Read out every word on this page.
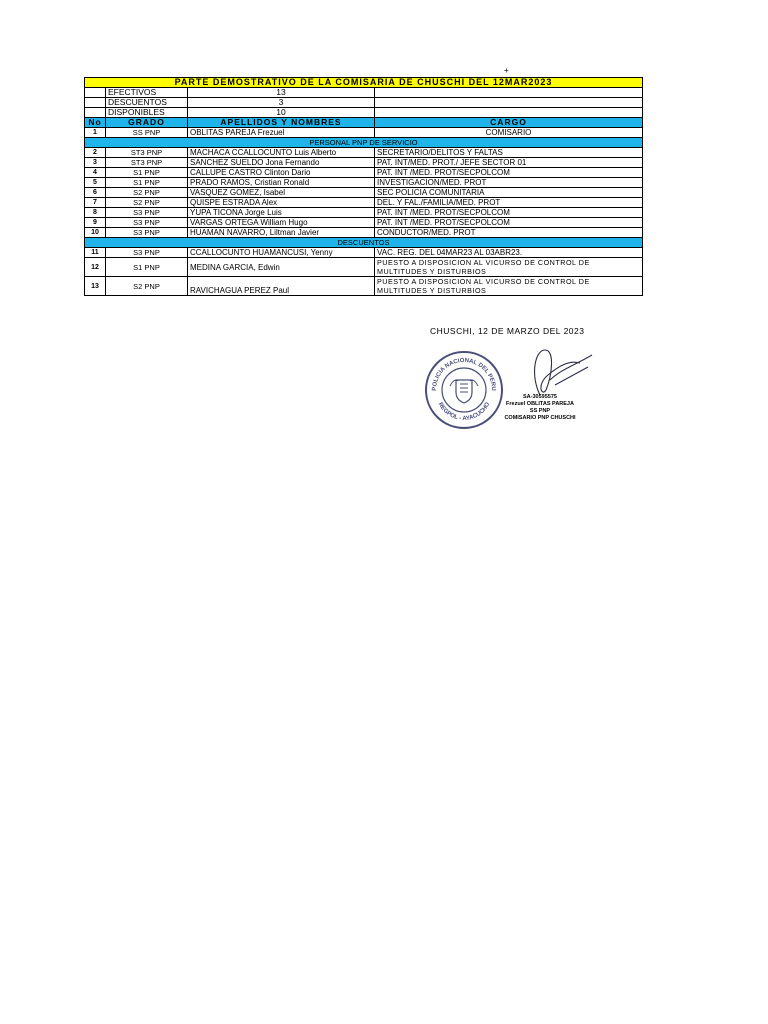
+
PARTE DEMOSTRATIVO DE LA COMISARIA DE CHUSCHI DEL 12MAR2023			
	EFECTIVOS	13	
	DESCUENTOS	3	
	DISPONIBLES	10	
No	GRADO	APELLIDOS Y NOMBRES	CARGO
1	SS PNP	OBLITAS PAREJA Frezuel	COMISARIO
PERSONAL PNP DE SERVICIO			
2	ST3 PNP	MACHACA CCALLOCUNTO Luis Alberto	SECRETARIO/DELITOS Y FALTAS
3	ST3 PNP	SANCHEZ SUELDO Jona Fernando	PAT. INT/MED. PROT./ JEFE SECTOR 01
4	S1 PNP	CALLUPE CASTRO Clinton Dario	PAT. INT /MED. PROT/SECPOLCOM
5	S1 PNP	PRADO RAMOS, Cristian Ronald	INVESTIGACION/MED. PROT
6	S2 PNP	VASQUEZ GOMEZ, Isabel	SEC POLICIA COMUNITARIA
7	S2 PNP	QUISPE ESTRADA Alex	DEL. Y FAL./FAMILIA/MED. PROT
8	S3 PNP	YUPA TICONA Jorge Luis	PAT. INT /MED. PROT/SECPOLCOM
9	S3 PNP	VARGAS ORTEGA William Hugo	PAT. INT /MED. PROT/SECPOLCOM
10	S3 PNP	HUAMAN NAVARRO, Liltman Javier	CONDUCTOR/MED. PROT
DESCUENTOS			
11	S3 PNP	CCALLOCUNTO HUAMANCUSI, Yenny	VAC. REG. DEL 04MAR23 AL 03ABR23.
12	S1 PNP	MEDINA GARCIA, Edwin	PUESTO A DISPOSICION AL VICURSO DE CONTROL DE MULTITUDES Y DISTURBIOS
13	S2 PNP	RAVICHAGUA PEREZ Paul	PUESTO A DISPOSICION AL VICURSO DE CONTROL DE MULTITUDES Y DISTURBIOS
CHUSCHI, 12 DE MARZO DEL 2023
POLICIA NACIONAL DEL PERU
REGPOL - AYACUCHO
SA-30595575
Frezuel OBLITAS PAREJA
SS PNP
COMISARIO PNP CHUSCHI
